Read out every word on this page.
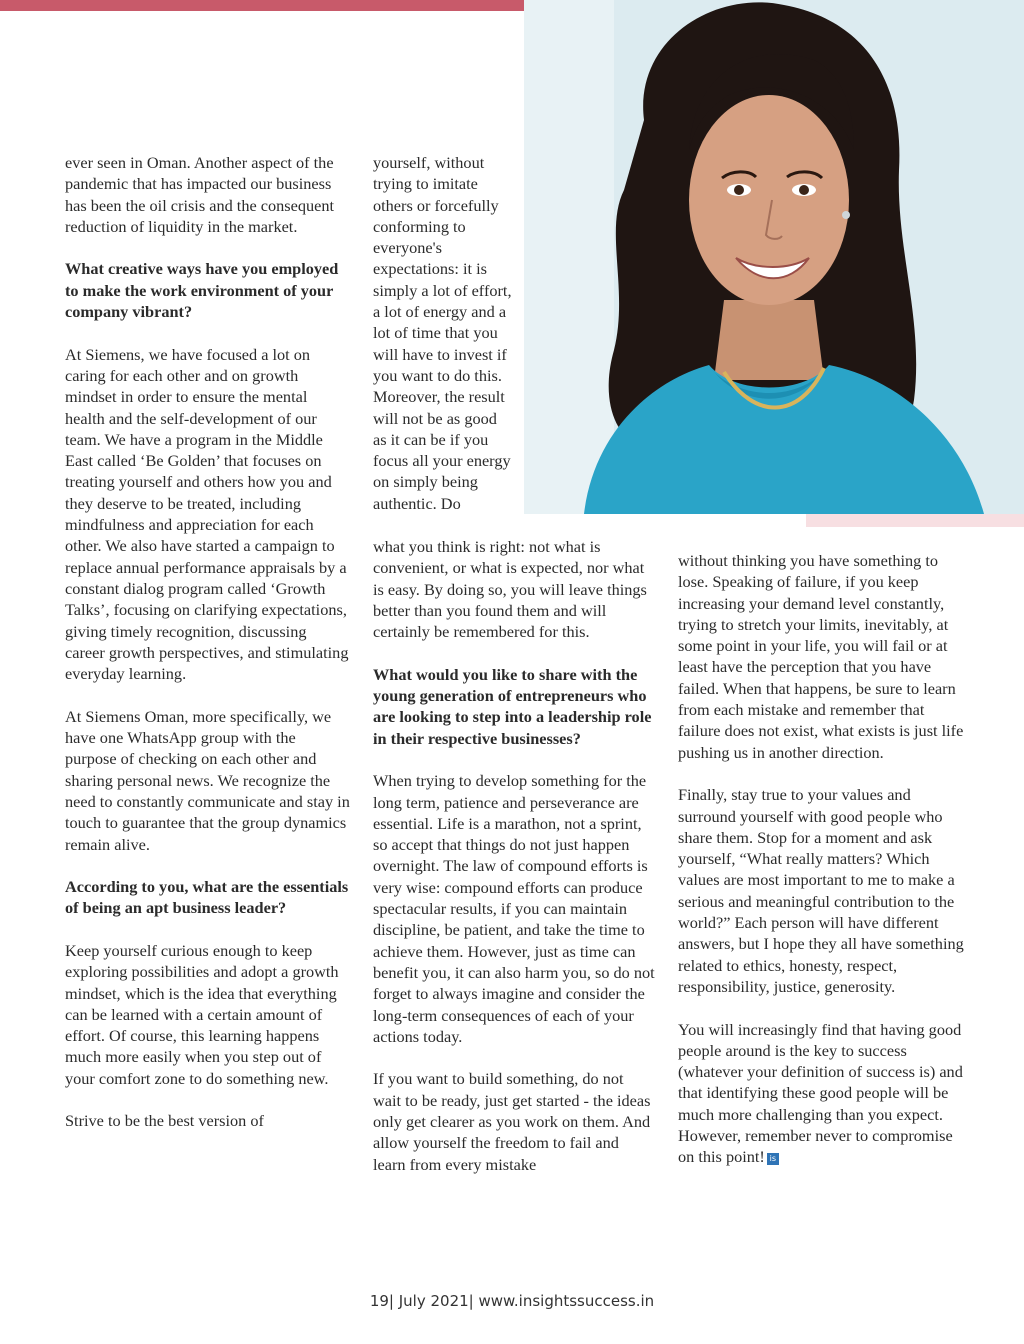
ever seen in Oman. Another aspect of the pandemic that has impacted our business has been the oil crisis and the consequent reduction of liquidity in the market.

What creative ways have you employed to make the work environment of your company vibrant?

At Siemens, we have focused a lot on caring for each other and on growth mindset in order to ensure the mental health and the self-development of our team. We have a program in the Middle East called ‘Be Golden’ that focuses on treating yourself and others how you and they deserve to be treated, including mindfulness and appreciation for each other. We also have started a campaign to replace annual performance appraisals by a constant dialog program called ‘Growth Talks’, focusing on clarifying expectations, giving timely recognition, discussing career growth perspectives, and stimulating everyday learning.

At Siemens Oman, more specifically, we have one WhatsApp group with the purpose of checking on each other and sharing personal news. We recognize the need to constantly communicate and stay in touch to guarantee that the group dynamics remain alive.

According to you, what are the essentials of being an apt business leader?

Keep yourself curious enough to keep exploring possibilities and adopt a growth mindset, which is the idea that everything can be learned with a certain amount of effort. Of course, this learning happens much more easily when you step out of your comfort zone to do something new.

Strive to be the best version of

yourself, without trying to imitate others or forcefully conforming to everyone's expectations: it is simply a lot of effort, a lot of energy and a lot of time that you will have to invest if you want to do this. Moreover, the result will not be as good as it can be if you focus all your energy on simply being authentic. Do

what you think is right: not what is convenient, or what is expected, nor what is easy. By doing so, you will leave things better than you found them and will certainly be remembered for this.

What would you like to share with the young generation of entrepreneurs who are looking to step into a leadership role in their respective businesses?

When trying to develop something for the long term, patience and perseverance are essential. Life is a marathon, not a sprint, so accept that things do not just happen overnight. The law of compound efforts is very wise: compound efforts can produce spectacular results, if you can maintain discipline, be patient, and take the time to achieve them. However, just as time can benefit you, it can also harm you, so do not forget to always imagine and consider the long-term consequences of each of your actions today.

If you want to build something, do not wait to be ready, just get started - the ideas only get clearer as you work on them. And allow yourself the freedom to fail and learn from every mistake

without thinking you have something to lose. Speaking of failure, if you keep increasing your demand level constantly, trying to stretch your limits, inevitably, at some point in your life, you will fail or at least have the perception that you have failed. When that happens, be sure to learn from each mistake and remember that failure does not exist, what exists is just life pushing us in another direction.

Finally, stay true to your values and surround yourself with good people who share them. Stop for a moment and ask yourself, “What really matters? Which values are most important to me to make a serious and meaningful contribution to the world?” Each person will have different answers, but I hope they all have something related to ethics, honesty, respect, responsibility, justice, generosity.

You will increasingly find that having good people around is the key to success (whatever your definition of success is) and that identifying these good people will be much more challenging than you expect. However, remember never to compromise on this point! is

19| July 2021| www.insightssuccess.in
